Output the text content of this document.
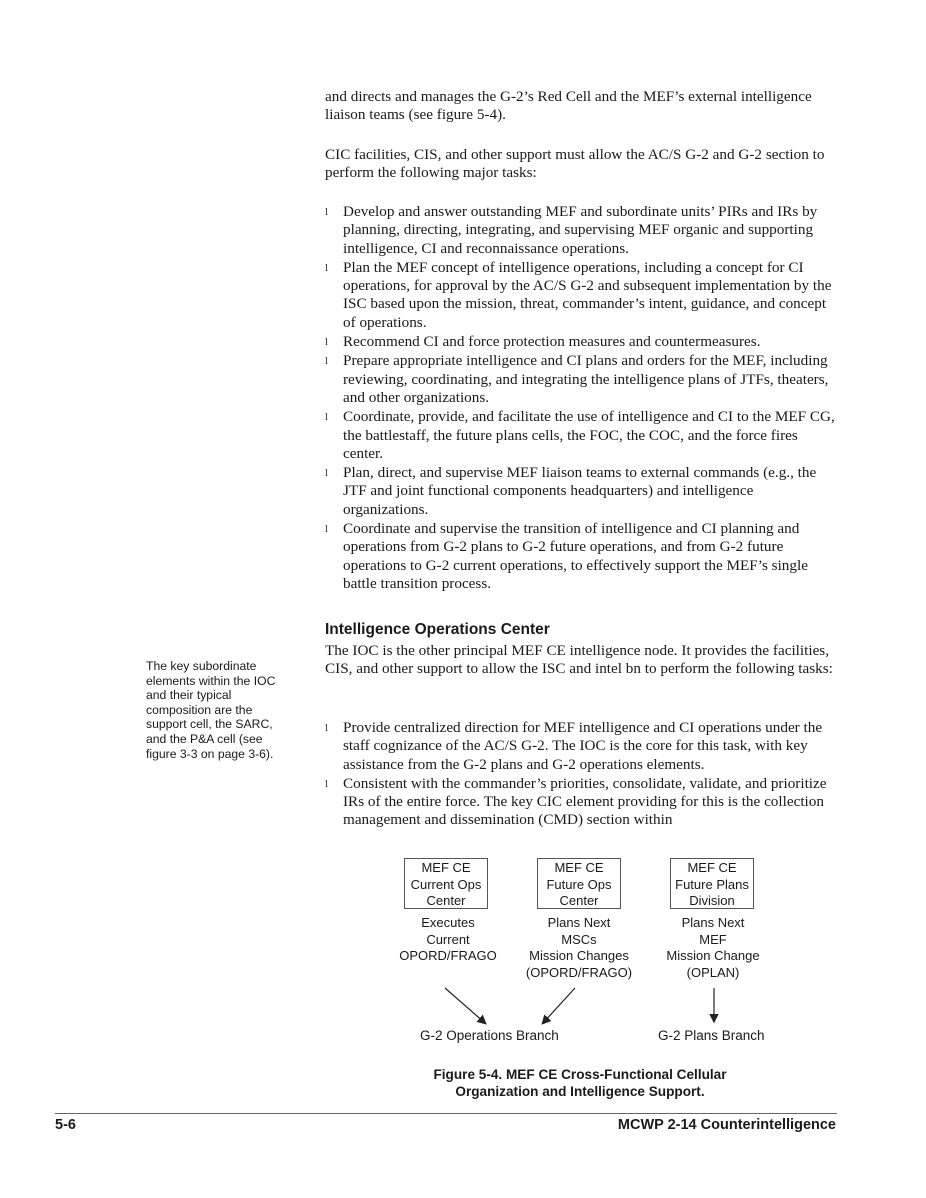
and directs and manages the G-2’s Red Cell and the MEF’s external intelligence liaison teams (see figure 5-4).

CIC facilities, CIS, and other support must allow the AC/S G-2 and G-2 section to perform the following major tasks:

l Develop and answer outstanding MEF and subordinate units’ PIRs and IRs by planning, directing, integrating, and supervising MEF organic and supporting intelligence, CI and reconnaissance operations.
l Plan the MEF concept of intelligence operations, including a concept for CI operations, for approval by the AC/S G-2 and subsequent implementation by the ISC based upon the mission, threat, commander’s intent, guidance, and concept of operations.
l Recommend CI and force protection measures and countermeasures.
l Prepare appropriate intelligence and CI plans and orders for the MEF, including reviewing, coordinating, and integrating the intelligence plans of JTFs, theaters, and other organizations.
l Coordinate, provide, and facilitate the use of intelligence and CI to the MEF CG, the battlestaff, the future plans cells, the FOC, the COC, and the force fires center.
l Plan, direct, and supervise MEF liaison teams to external commands (e.g., the JTF and joint functional components headquarters) and intelligence organizations.
l Coordinate and supervise the transition of intelligence and CI planning and operations from G-2 plans to G-2 future operations, and from G-2 future operations to G-2 current operations, to effectively support the MEF’s single battle transition process.
Intelligence Operations Center

The IOC is the other principal MEF CE intelligence node. It provides the facilities, CIS, and other support to allow the ISC and intel bn to perform the following tasks:

The key subordinate elements within the IOC and their typical composition are the support cell, the SARC, and the P&A cell (see figure 3-3 on page 3-6).

l Provide centralized direction for MEF intelligence and CI operations under the staff cognizance of the AC/S G-2. The IOC is the core for this task, with key assistance from the G-2 plans and G-2 operations elements.
l Consistent with the commander’s priorities, consolidate, validate, and prioritize IRs of the entire force. The key CIC element providing for this is the collection management and dissemination (CMD) section within
MEF CE
Current Ops
Center
MEF CE
Future Ops
Center
MEF CE
Future Plans
Division
Executes
Current
OPORD/FRAGO
Plans Next
MSCs
Mission Changes
(OPORD/FRAGO)
Plans Next
MEF
Mission Change
(OPLAN)
G-2 Operations Branch	G-2 Plans Branch

Figure 5-4. MEF CE Cross-Functional Cellular
Organization and Intelligence Support.

5-6	MCWP 2-14 Counterintelligence
